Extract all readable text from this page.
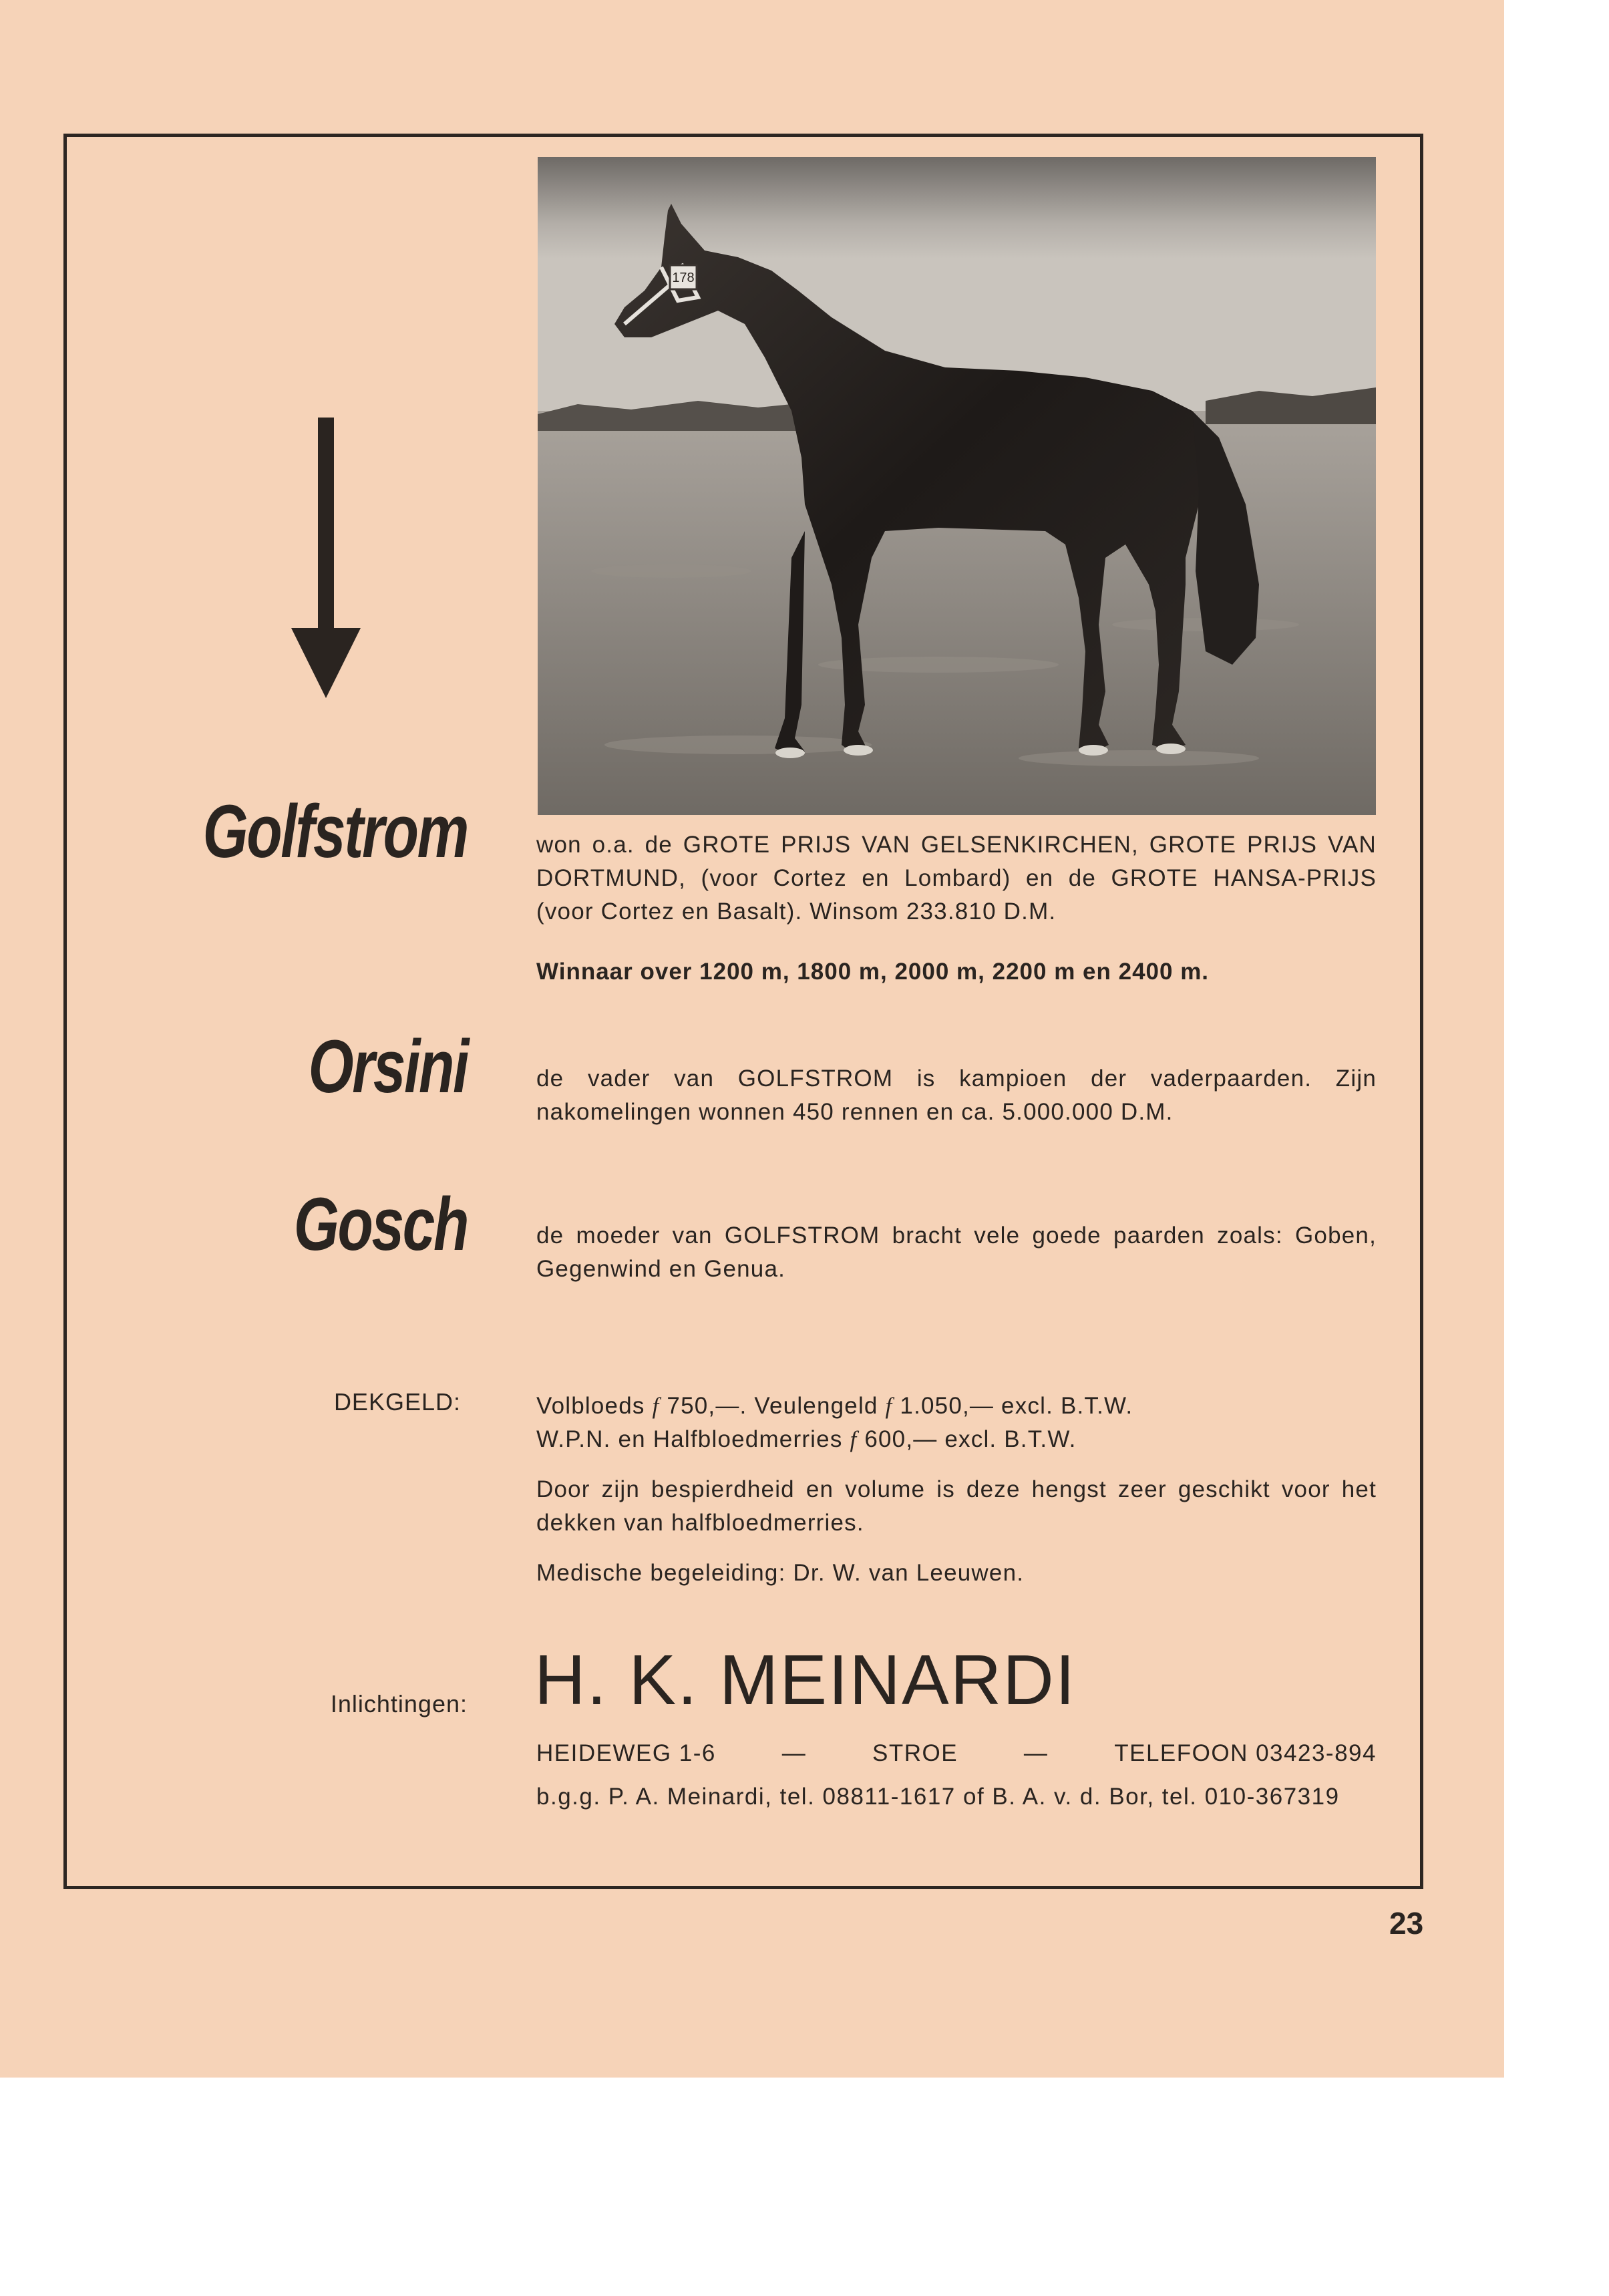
178
Golfstrom
Orsini
Gosch
won o.a. de GROTE PRIJS VAN GELSENKIRCHEN, GROTE PRIJS VAN DORTMUND, (voor Cortez en Lombard) en de GROTE HANSA-PRIJS (voor Cortez en Basalt). Winsom 233.810 D.M.
Winnaar over 1200 m, 1800 m, 2000 m, 2200 m en 2400 m.
de vader van GOLFSTROM is kampioen der vaderpaarden. Zijn nakomelingen wonnen 450 rennen en ca. 5.000.000 D.M.
de moeder van GOLFSTROM bracht vele goede paarden zoals: Goben, Gegenwind en Genua.
DEKGELD:	Volbloeds f 750,—. Veulengeld f 1.050,— excl. B.T.W.
W.P.N. en Halfbloedmerries f 600,— excl. B.T.W.
Door zijn bespierdheid en volume is deze hengst zeer geschikt voor het dekken van halfbloedmerries.
Medische begeleiding: Dr. W. van Leeuwen.
Inlichtingen: H. K. MEINARDI
HEIDEWEG 1-6	—	STROE	—	TELEFOON 03423-894
b.g.g. P. A. Meinardi, tel. 08811-1617 of B. A. v. d. Bor, tel. 010-367319
23
